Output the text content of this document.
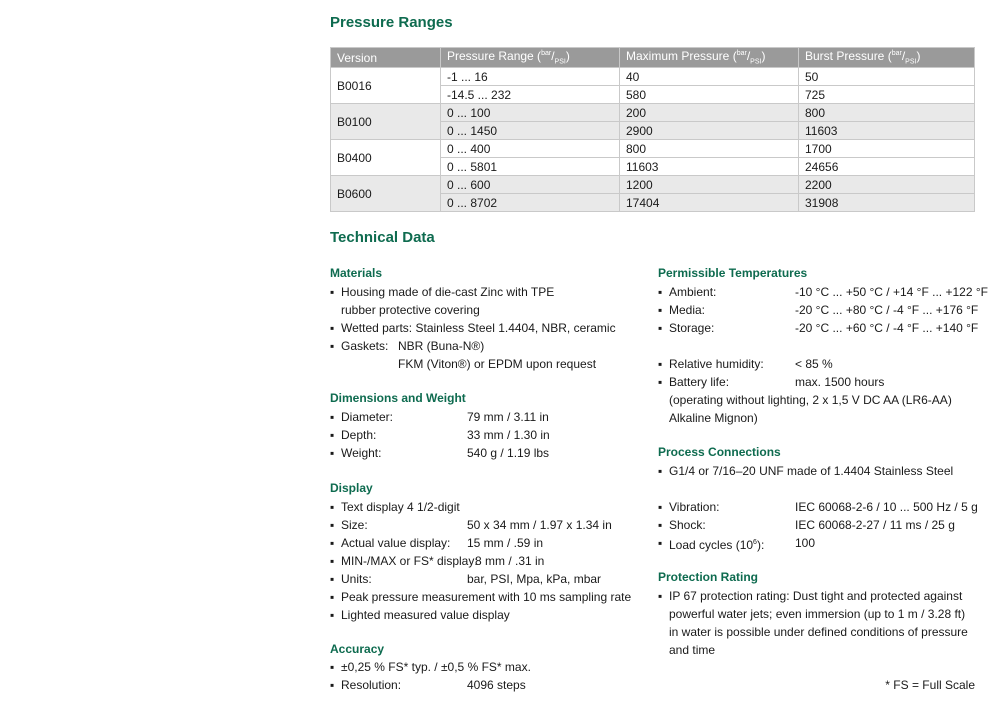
Pressure Ranges
Version	Pressure Range $(^{bar}/_{PSI})$	Maximum Pressure $(^{bar}/_{PSI})$	Burst Pressure $(^{bar}/_{PSI})$
B0016	-1 ... 16	40	50
	-14.5 ... 232	580	725
B0100	0 ... 100	200	800
	0 ... 1450	2900	11603
B0400	0 ... 400	800	1700
	0 ... 5801	11603	24656
B0600	0 ... 600	1200	2200
	0 ... 8702	17404	31908
Technical Data
Materials
▪ Housing made of die-cast Zinc with TPE
rubber protective covering
▪ Wetted parts: Stainless Steel 1.4404, NBR, ceramic
▪ Gaskets: NBR (Buna-N®)
FKM (Viton®) or EPDM upon request
Dimensions and Weight
▪ Diameter:	79 mm / 3.11 in
▪ Depth:	33 mm / 1.30 in
▪ Weight:	540 g / 1.19 lbs
Display
▪ Text display 4 1/2-digit
▪ Size:	50 x 34 mm / 1.97 x 1.34 in
▪ Actual value display: 15 mm / .59 in
▪ MIN-/MAX or FS* display:
8 mm / .31 in
▪ Units:	bar, PSI, Mpa, kPa, mbar
▪ Peak pressure measurement with 10 ms sampling rate
▪ Lighted measured value display
Accuracy
▪ ±0,25 % FS* typ. / ±0,5 % FS* max.
▪ Resolution:	4096 steps
Permissible Temperatures
▪ Ambient:	-10 °C ... +50 °C / +14 °F ... +122 °F
▪ Media:	-20 °C ... +80 °C / -4 °F ... +176 °F
▪ Storage:	-20 °C ... +60 °C / -4 °F ... +140 °F
▪ Relative humidity:	< 85 %
▪ Battery life:	max. 1500 hours
(operating without lighting, 2 x 1,5 V DC AA (LR6-AA)
Alkaline Mignon)
Process Connections
▪ G1/4 or 7/16–20 UNF made of 1.4404 Stainless Steel
▪ Vibration:	IEC 60068-2-6 / 10 ... 500 Hz / 5 g
▪ Shock:	IEC 60068-2-27 / 11 ms / 25 g
▪ Load cycles $(10^6)$:	100
Protection Rating
▪ IP 67 protection rating: Dust tight and protected against
powerful water jets; even immersion (up to 1 m / 3.28 ft)
in water is possible under defined conditions of pressure
and time
* FS = Full Scale
